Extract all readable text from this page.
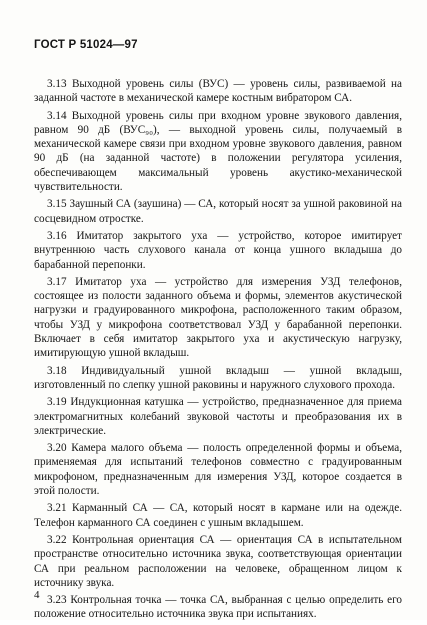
ГОСТ Р 51024—97

3.13 Выходной уровень силы (ВУС) — уровень силы, развиваемой на заданной частоте в механической камере костным вибратором СА.

3.14 Выходной уровень силы при входном уровне звукового давления, равном 90 дБ (ВУС₉₀), — выходной уровень силы, получаемый в механической камере связи при входном уровне звукового давления, равном 90 дБ (на заданной частоте) в положении регулятора усиления, обеспечивающем максимальный уровень акустико-механической чувствительности.

3.15 Заушный СА (заушина) — СА, который носят за ушной раковиной на сосцевидном отростке.

3.16 Имитатор закрытого уха — устройство, которое имитирует внутреннюю часть слухового канала от конца ушного вкладыша до барабанной перепонки.

3.17 Имитатор уха — устройство для измерения УЗД телефонов, состоящее из полости заданного объема и формы, элементов акустической нагрузки и градуированного микрофона, расположенного таким образом, чтобы УЗД у микрофона соответствовал УЗД у барабанной перепонки. Включает в себя имитатор закрытого уха и акустическую нагрузку, имитирующую ушной вкладыш.

3.18 Индивидуальный ушной вкладыш — ушной вкладыш, изготовленный по слепку ушной раковины и наружного слухового прохода.

3.19 Индукционная катушка — устройство, предназначенное для приема электромагнитных колебаний звуковой частоты и преобразования их в электрические.

3.20 Камера малого объема — полость определенной формы и объема, применяемая для испытаний телефонов совместно с градуированным микрофоном, предназначенным для измерения УЗД, которое создается в этой полости.

3.21 Карманный СА — СА, который носят в кармане или на одежде. Телефон карманного СА соединен с ушным вкладышем.

3.22 Контрольная ориентация СА — ориентация СА в испытательном пространстве относительно источника звука, соответствующая ориентации СА при реальном расположении на человеке, обращенном лицом к источнику звука.

3.23 Контрольная точка — точка СА, выбранная с целью определить его положение относительно источника звука при испытаниях.

4
